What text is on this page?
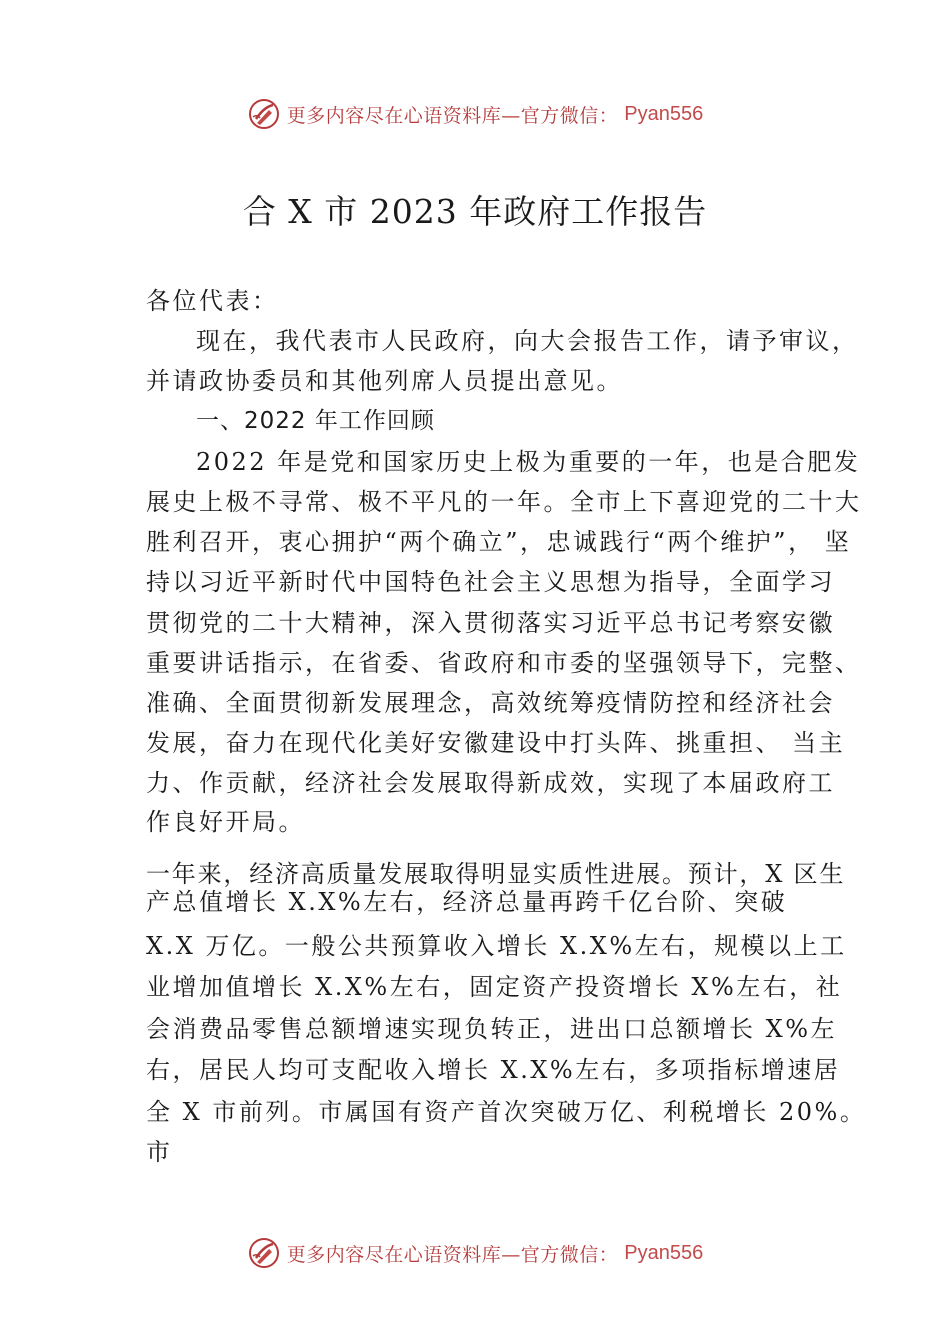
更多内容尽在心语资料库—官方微信： Pyan556
合 X 市 2023 年政府工作报告

各位代表：

现在，我代表市人民政府，向大会报告工作，请予审议，

并请政协委员和其他列席人员提出意见。

一、2022 年工作回顾

2022 年是党和国家历史上极为重要的一年，也是合肥发

展史上极不寻常、极不平凡的一年。全市上下喜迎党的二十大

胜利召开，衷心拥护“两个确立”，忠诚践行“两个维护”， 坚

持以习近平新时代中国特色社会主义思想为指导，全面学习

贯彻党的二十大精神，深入贯彻落实习近平总书记考察安徽

重要讲话指示，在省委、省政府和市委的坚强领导下，完整、

准确、全面贯彻新发展理念，高效统筹疫情防控和经济社会

发展，奋力在现代化美好安徽建设中打头阵、挑重担、 当主

力、作贡献，经济社会发展取得新成效，实现了本届政府工

作良好开局。

一年来，经济高质量发展取得明显实质性进展。预计，X 区生

产总值增长 X.X%左右，经济总量再跨千亿台阶、突破

X.X 万亿。一般公共预算收入增长 X.X%左右，规模以上工

业增加值增长 X.X%左右，固定资产投资增长 X%左右，社

会消费品零售总额增速实现负转正，进出口总额增长 X%左

右，居民人均可支配收入增长 X.X%左右，多项指标增速居

全 X 市前列。市属国有资产首次突破万亿、利税增长 20%。

市

更多内容尽在心语资料库—官方微信： Pyan556
